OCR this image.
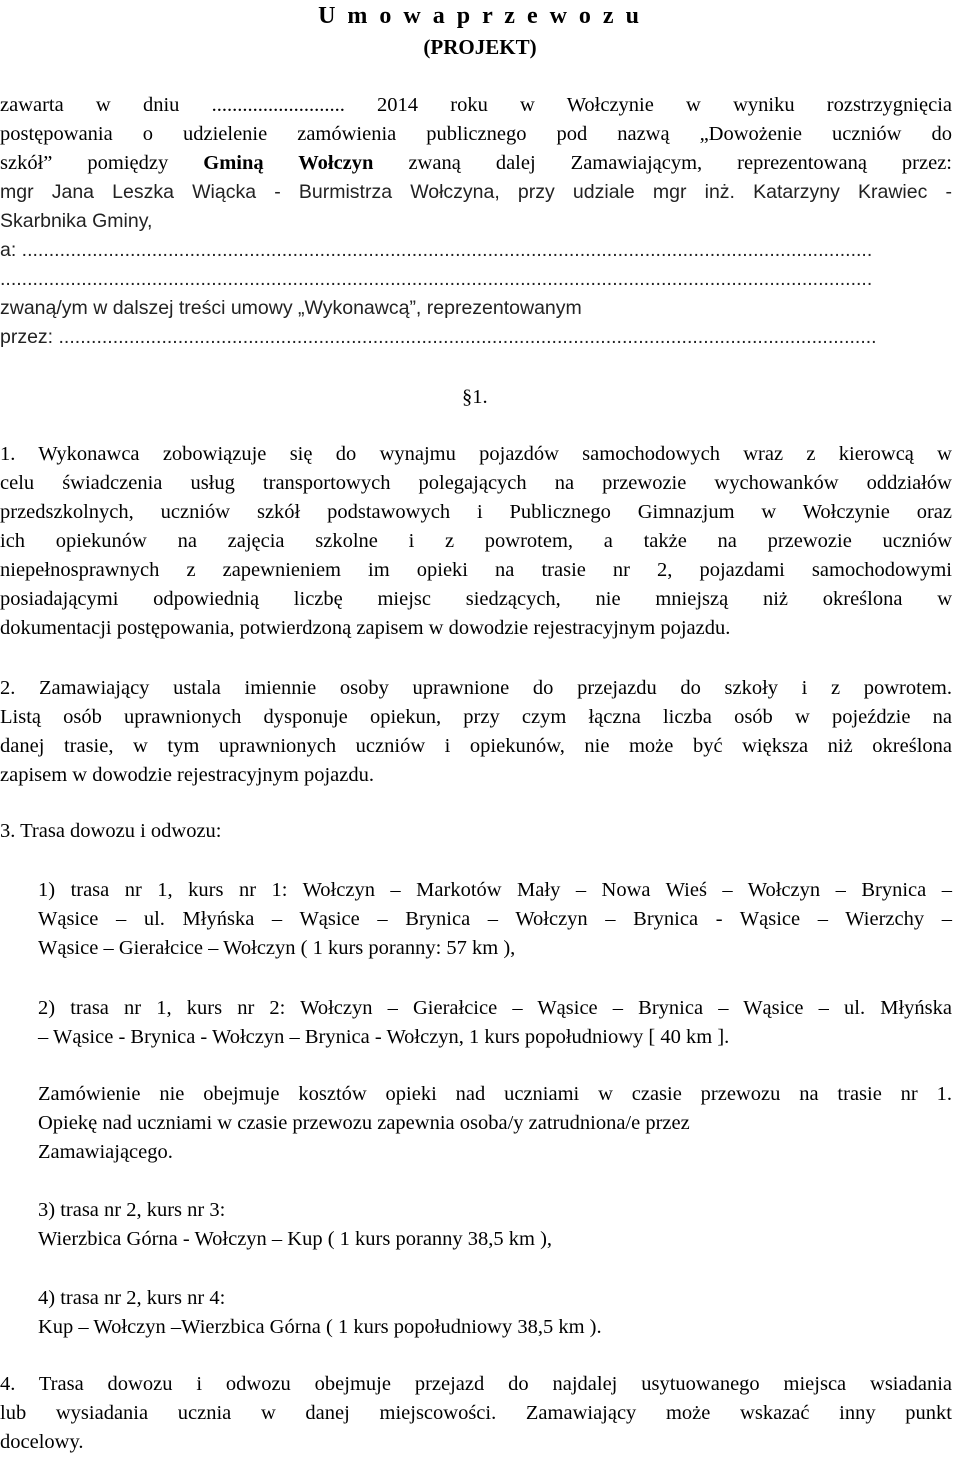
U m o w a p r z e w o z u
(PROJEKT)
zawarta w dniu .......................... 2014 roku w Wołczynie w wyniku rozstrzygnięcia
postępowania o udzielenie zamówienia publicznego pod nazwą „Dowożenie uczniów do
szkół” pomiędzy Gminą Wołczyn zwaną dalej Zamawiającym, reprezentowaną przez:
mgr Jana Leszka Wiącka - Burmistrza Wołczyna, przy udziale mgr inż. Katarzyny Krawiec -
Skarbnika Gminy,
a: .............................................................................................................................................................
.................................................................................................................................................................
zwaną/ym w dalszej treści umowy „Wykonawcą”, reprezentowanym
przez: .......................................................................................................................................................
§1.
1. Wykonawca zobowiązuje się do wynajmu pojazdów samochodowych wraz z kierowcą w
celu świadczenia usług transportowych polegających na przewozie wychowanków oddziałów
przedszkolnych, uczniów szkół podstawowych i Publicznego Gimnazjum w Wołczynie oraz
ich opiekunów na zajęcia szkolne i z powrotem, a także na przewozie uczniów
niepełnosprawnych z zapewnieniem im opieki na trasie nr 2, pojazdami samochodowymi
posiadającymi odpowiednią liczbę miejsc siedzących, nie mniejszą niż określona w
dokumentacji postępowania, potwierdzoną zapisem w dowodzie rejestracyjnym pojazdu.
2. Zamawiający ustala imiennie osoby uprawnione do przejazdu do szkoły i z powrotem.
Listą osób uprawnionych dysponuje opiekun, przy czym łączna liczba osób w pojeździe na
danej trasie, w tym uprawnionych uczniów i opiekunów, nie może być większa niż określona
zapisem w dowodzie rejestracyjnym pojazdu.
3. Trasa dowozu i odwozu:
1) trasa nr 1, kurs nr 1: Wołczyn – Markotów Mały – Nowa Wieś – Wołczyn – Brynica –
Wąsice – ul. Młyńska – Wąsice – Brynica – Wołczyn – Brynica - Wąsice – Wierzchy –
Wąsice – Gierałcice – Wołczyn ( 1 kurs poranny: 57 km ),
2) trasa nr 1, kurs nr 2: Wołczyn – Gierałcice – Wąsice – Brynica – Wąsice – ul. Młyńska
– Wąsice - Brynica - Wołczyn – Brynica - Wołczyn, 1 kurs popołudniowy [ 40 km ].
Zamówienie nie obejmuje kosztów opieki nad uczniami w czasie przewozu na trasie nr 1.
Opiekę nad uczniami w czasie przewozu zapewnia osoba/y zatrudniona/e przez
Zamawiającego.
3) trasa nr 2, kurs nr 3:
Wierzbica Górna - Wołczyn – Kup ( 1 kurs poranny 38,5 km ),
4) trasa nr 2, kurs nr 4:
Kup – Wołczyn –Wierzbica Górna ( 1 kurs popołudniowy 38,5 km ).
4. Trasa dowozu i odwozu obejmuje przejazd do najdalej usytuowanego miejsca wsiadania
lub wysiadania ucznia w danej miejscowości. Zamawiający może wskazać inny punkt
docelowy.
